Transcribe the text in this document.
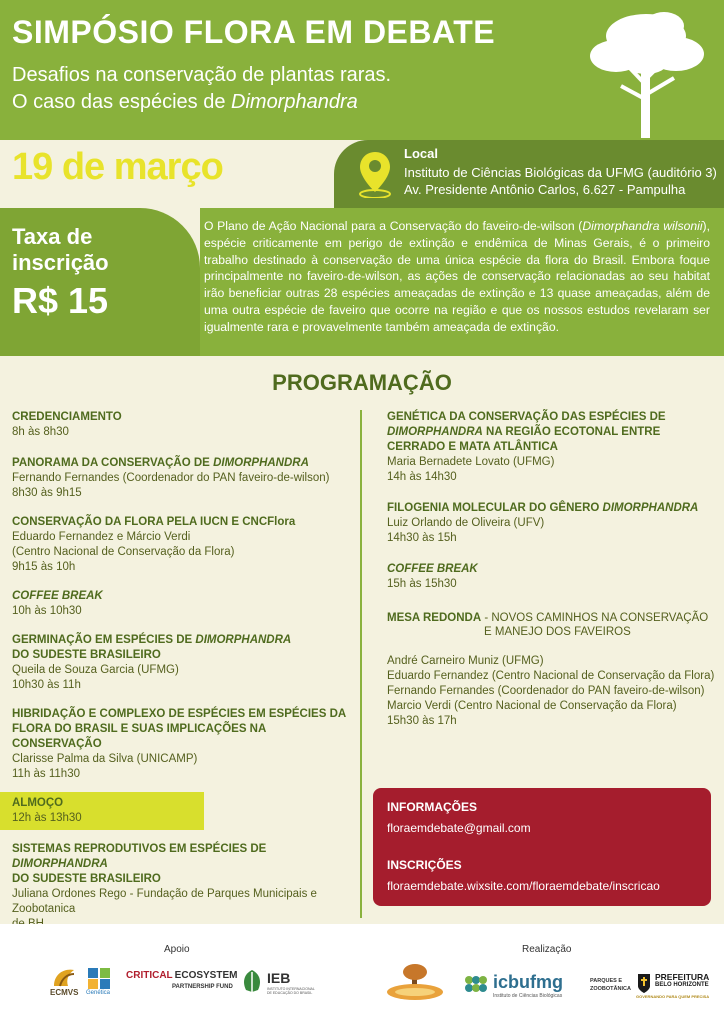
SIMPÓSIO FLORA EM DEBATE
Desafios na conservação de plantas raras.
O caso das espécies de Dimorphandra
19 de março	Local
Instituto de Ciências Biológicas da UFMG (auditório 3)
Av. Presidente Antônio Carlos, 6.627 - Pampulha
Taxa de
inscrição
R$ 15
O Plano de Ação Nacional para a Conservação do faveiro-de-wilson (Dimorphandra wilsonii), espécie criticamente em perigo de extinção e endêmica de Minas Gerais, é o primeiro trabalho destinado à conservação de uma única espécie da flora do Brasil. Embora foque principalmente no faveiro-de-wilson, as ações de conservação relacionadas ao seu habitat irão beneficiar outras 28 espécies ameaçadas de extinção e 13 quase ameaçadas, além de uma outra espécie de faveiro que ocorre na região e que os nossos estudos revelaram ser igualmente rara e provavelmente também ameaçada de extinção.
PROGRAMAÇÃO
CREDENCIAMENTO
8h às 8h30
PANORAMA DA CONSERVAÇÃO DE DIMORPHANDRA
Fernando Fernandes (Coordenador do PAN faveiro-de-wilson)
8h30 às 9h15
CONSERVAÇÃO DA FLORA PELA IUCN E CNCFlora
Eduardo Fernandez e Márcio Verdi
(Centro Nacional de Conservação da Flora)
9h15 às 10h
COFFEE BREAK
10h às 10h30
GERMINAÇÃO EM ESPÉCIES DE DIMORPHANDRA
DO SUDESTE BRASILEIRO
Queila de Souza Garcia (UFMG)
10h30 às 11h
HIBRIDAÇÃO E COMPLEXO DE ESPÉCIES EM ESPÉCIES DA
FLORA DO BRASIL E SUAS IMPLICAÇÕES NA CONSERVAÇÃO
Clarisse Palma da Silva (UNICAMP)
11h às 11h30
ALMOÇO
12h às 13h30
SISTEMAS REPRODUTIVOS EM ESPÉCIES DE DIMORPHANDRA
DO SUDESTE BRASILEIRO
Juliana Ordones Rego - Fundação de Parques Municipais e Zoobotanica
GENÉTICA DA CONSERVAÇÃO DAS ESPÉCIES DE
DIMORPHANDRA NA REGIÃO ECOTONAL ENTRE
CERRADO E MATA ATLÂNTICA
Maria Bernadete Lovato (UFMG)
14h às 14h30
FILOGENIA MOLECULAR DO GÊNERO DIMORPHANDRA
Luiz Orlando de Oliveira (UFV)
14h30 às 15h
COFFEE BREAK
15h às 15h30
MESA REDONDA - NOVOS CAMINHOS NA CONSERVAÇÃO
E MANEJO DOS FAVEIROS
André Carneiro Muniz (UFMG)
Eduardo Fernandez (Centro Nacional de Conservação da Flora)
Fernando Fernandes (Coordenador do PAN faveiro-de-wilson)
Marcio Verdi (Centro Nacional de Conservação da Flora)
15h30 às 17h
INFORMAÇÕES
floraemdebate@gmail.com
INSCRIÇÕES
floraemdebate.wixsite.com/floraemdebate/inscricao
Apoio	Realização
ECMVS Genética
CRITICAL ECOSYSTEM
PARTNERSHIP FUND
IEB
INSTITUTO INTERNACIONAL DE EDUCAÇÃO DO BRASIL
icbufmg
Instituto de Ciências Biológicas
PARQUES E
ZOOBOTÂNICA
PREFEITURA
BELO HORIZONTE
GOVERNANDO PARA QUEM PRECISA
